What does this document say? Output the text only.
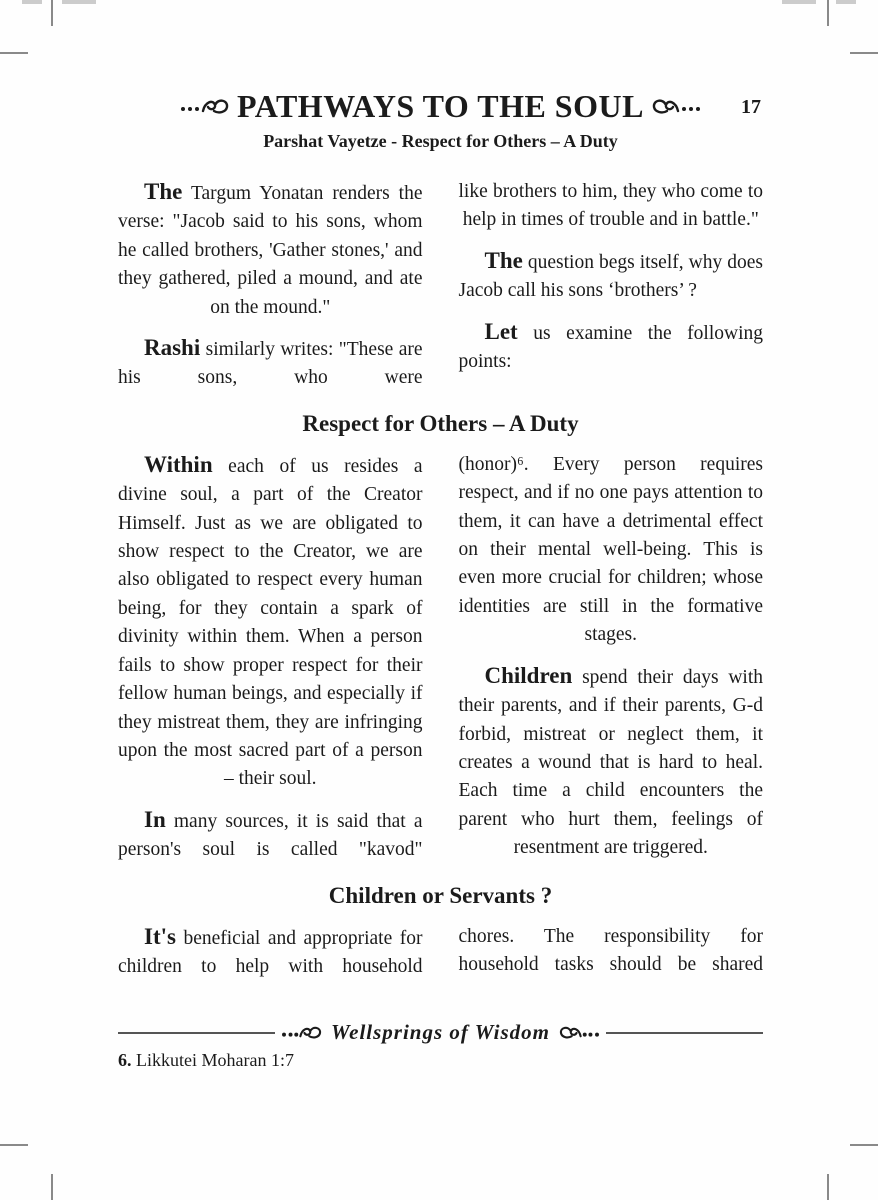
PATHWAYS TO THE SOUL	17
Parshat Vayetze - Respect for Others – A Duty

The Targum Yonatan renders the verse: "Jacob said to his sons, whom he called brothers, 'Gather stones,' and they gathered, piled a mound, and ate on the mound."

Rashi similarly writes: "These are his sons, who were

like brothers to him, they who come to help in times of trouble and in battle."

The question begs itself, why does Jacob call his sons ‘brothers’ ?

Let us examine the following points:

Respect for Others – A Duty

Within each of us resides a divine soul, a part of the Creator Himself. Just as we are obligated to show respect to the Creator, we are also obligated to respect every human being, for they contain a spark of divinity within them. When a person fails to show proper respect for their fellow human beings, and especially if they mistreat them, they are infringing upon the most sacred part of a person – their soul.

In many sources, it is said that a person's soul is called "kavod"

(honor)⁶. Every person requires respect, and if no one pays attention to them, it can have a detrimental effect on their mental well-being. This is even more crucial for children; whose identities are still in the formative stages.

Children spend their days with their parents, and if their parents, G-d forbid, mistreat or neglect them, it creates a wound that is hard to heal. Each time a child encounters the parent who hurt them, feelings of resentment are triggered.

Children or Servants ?

It's beneficial and appropriate for children to help with household

chores. The responsibility for household tasks should be shared

Wellsprings of Wisdom
6. Likkutei Moharan 1:7
